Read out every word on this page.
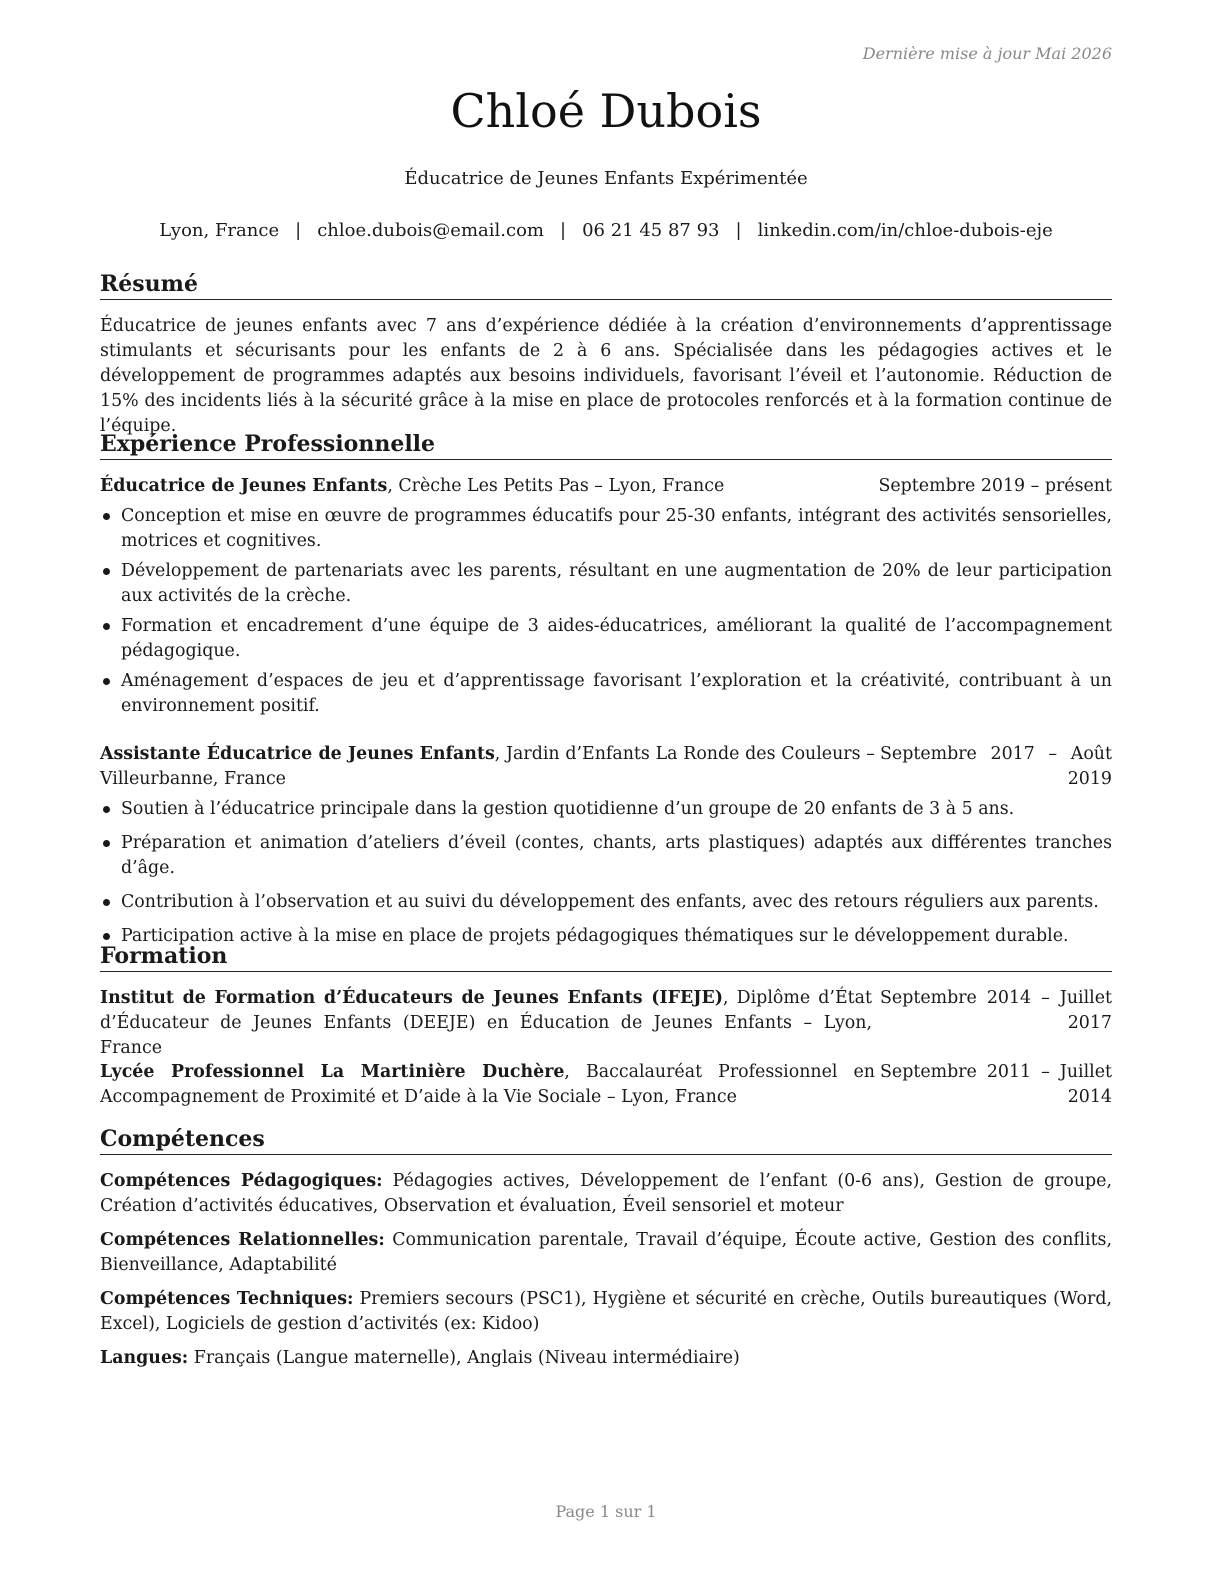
Dernière mise à jour Mai 2026
Chloé Dubois
Éducatrice de Jeunes Enfants Expérimentée
Lyon, France | chloe.dubois@email.com | 06 21 45 87 93 | linkedin.com/in/chloe-dubois-eje
Résumé
Éducatrice de jeunes enfants avec 7 ans d’expérience dédiée à la création d’environnements d’apprentissage stimulants et sécurisants pour les enfants de 2 à 6 ans. Spécialisée dans les pédagogies actives et le développement de programmes adaptés aux besoins individuels, favorisant l’éveil et l’autonomie. Réduction de 15% des incidents liés à la sécurité grâce à la mise en place de protocoles renforcés et à la formation continue de l’équipe.
Expérience Professionnelle
Éducatrice de Jeunes Enfants, Crèche Les Petits Pas – Lyon, France	Septembre 2019 – présent
Conception et mise en œuvre de programmes éducatifs pour 25-30 enfants, intégrant des activités sensorielles, motrices et cognitives.
Développement de partenariats avec les parents, résultant en une augmentation de 20% de leur participation aux activités de la crèche.
Formation et encadrement d’une équipe de 3 aides-éducatrices, améliorant la qualité de l’accompagnement pédagogique.
Aménagement d’espaces de jeu et d’apprentissage favorisant l’exploration et la créativité, contribuant à un environnement positif.
Assistante Éducatrice de Jeunes Enfants, Jardin d’Enfants La Ronde des Couleurs – Villeurbanne, France
Septembre 2017 – Août 2019
Soutien à l’éducatrice principale dans la gestion quotidienne d’un groupe de 20 enfants de 3 à 5 ans.
Préparation et animation d’ateliers d’éveil (contes, chants, arts plastiques) adaptés aux différentes tranches d’âge.
Contribution à l’observation et au suivi du développement des enfants, avec des retours réguliers aux parents.
Participation active à la mise en place de projets pédagogiques thématiques sur le développement durable.
Formation
Institut de Formation d’Éducateurs de Jeunes Enfants (IFEJE), Diplôme d’État d’Éducateur de Jeunes Enfants (DEEJE) en Éducation de Jeunes Enfants – Lyon, France
Septembre 2014 – Juillet 2017
Lycée Professionnel La Martinière Duchère, Baccalauréat Professionnel en Accompagnement de Proximité et D’aide à la Vie Sociale – Lyon, France
Septembre 2011 – Juillet 2014
Compétences
Compétences Pédagogiques: Pédagogies actives, Développement de l’enfant (0-6 ans), Gestion de groupe, Création d’activités éducatives, Observation et évaluation, Éveil sensoriel et moteur
Compétences Relationnelles: Communication parentale, Travail d’équipe, Écoute active, Gestion des conflits, Bienveillance, Adaptabilité
Compétences Techniques: Premiers secours (PSC1), Hygiène et sécurité en crèche, Outils bureautiques (Word, Excel), Logiciels de gestion d’activités (ex: Kidoo)
Langues: Français (Langue maternelle), Anglais (Niveau intermédiaire)
Page 1 sur 1
